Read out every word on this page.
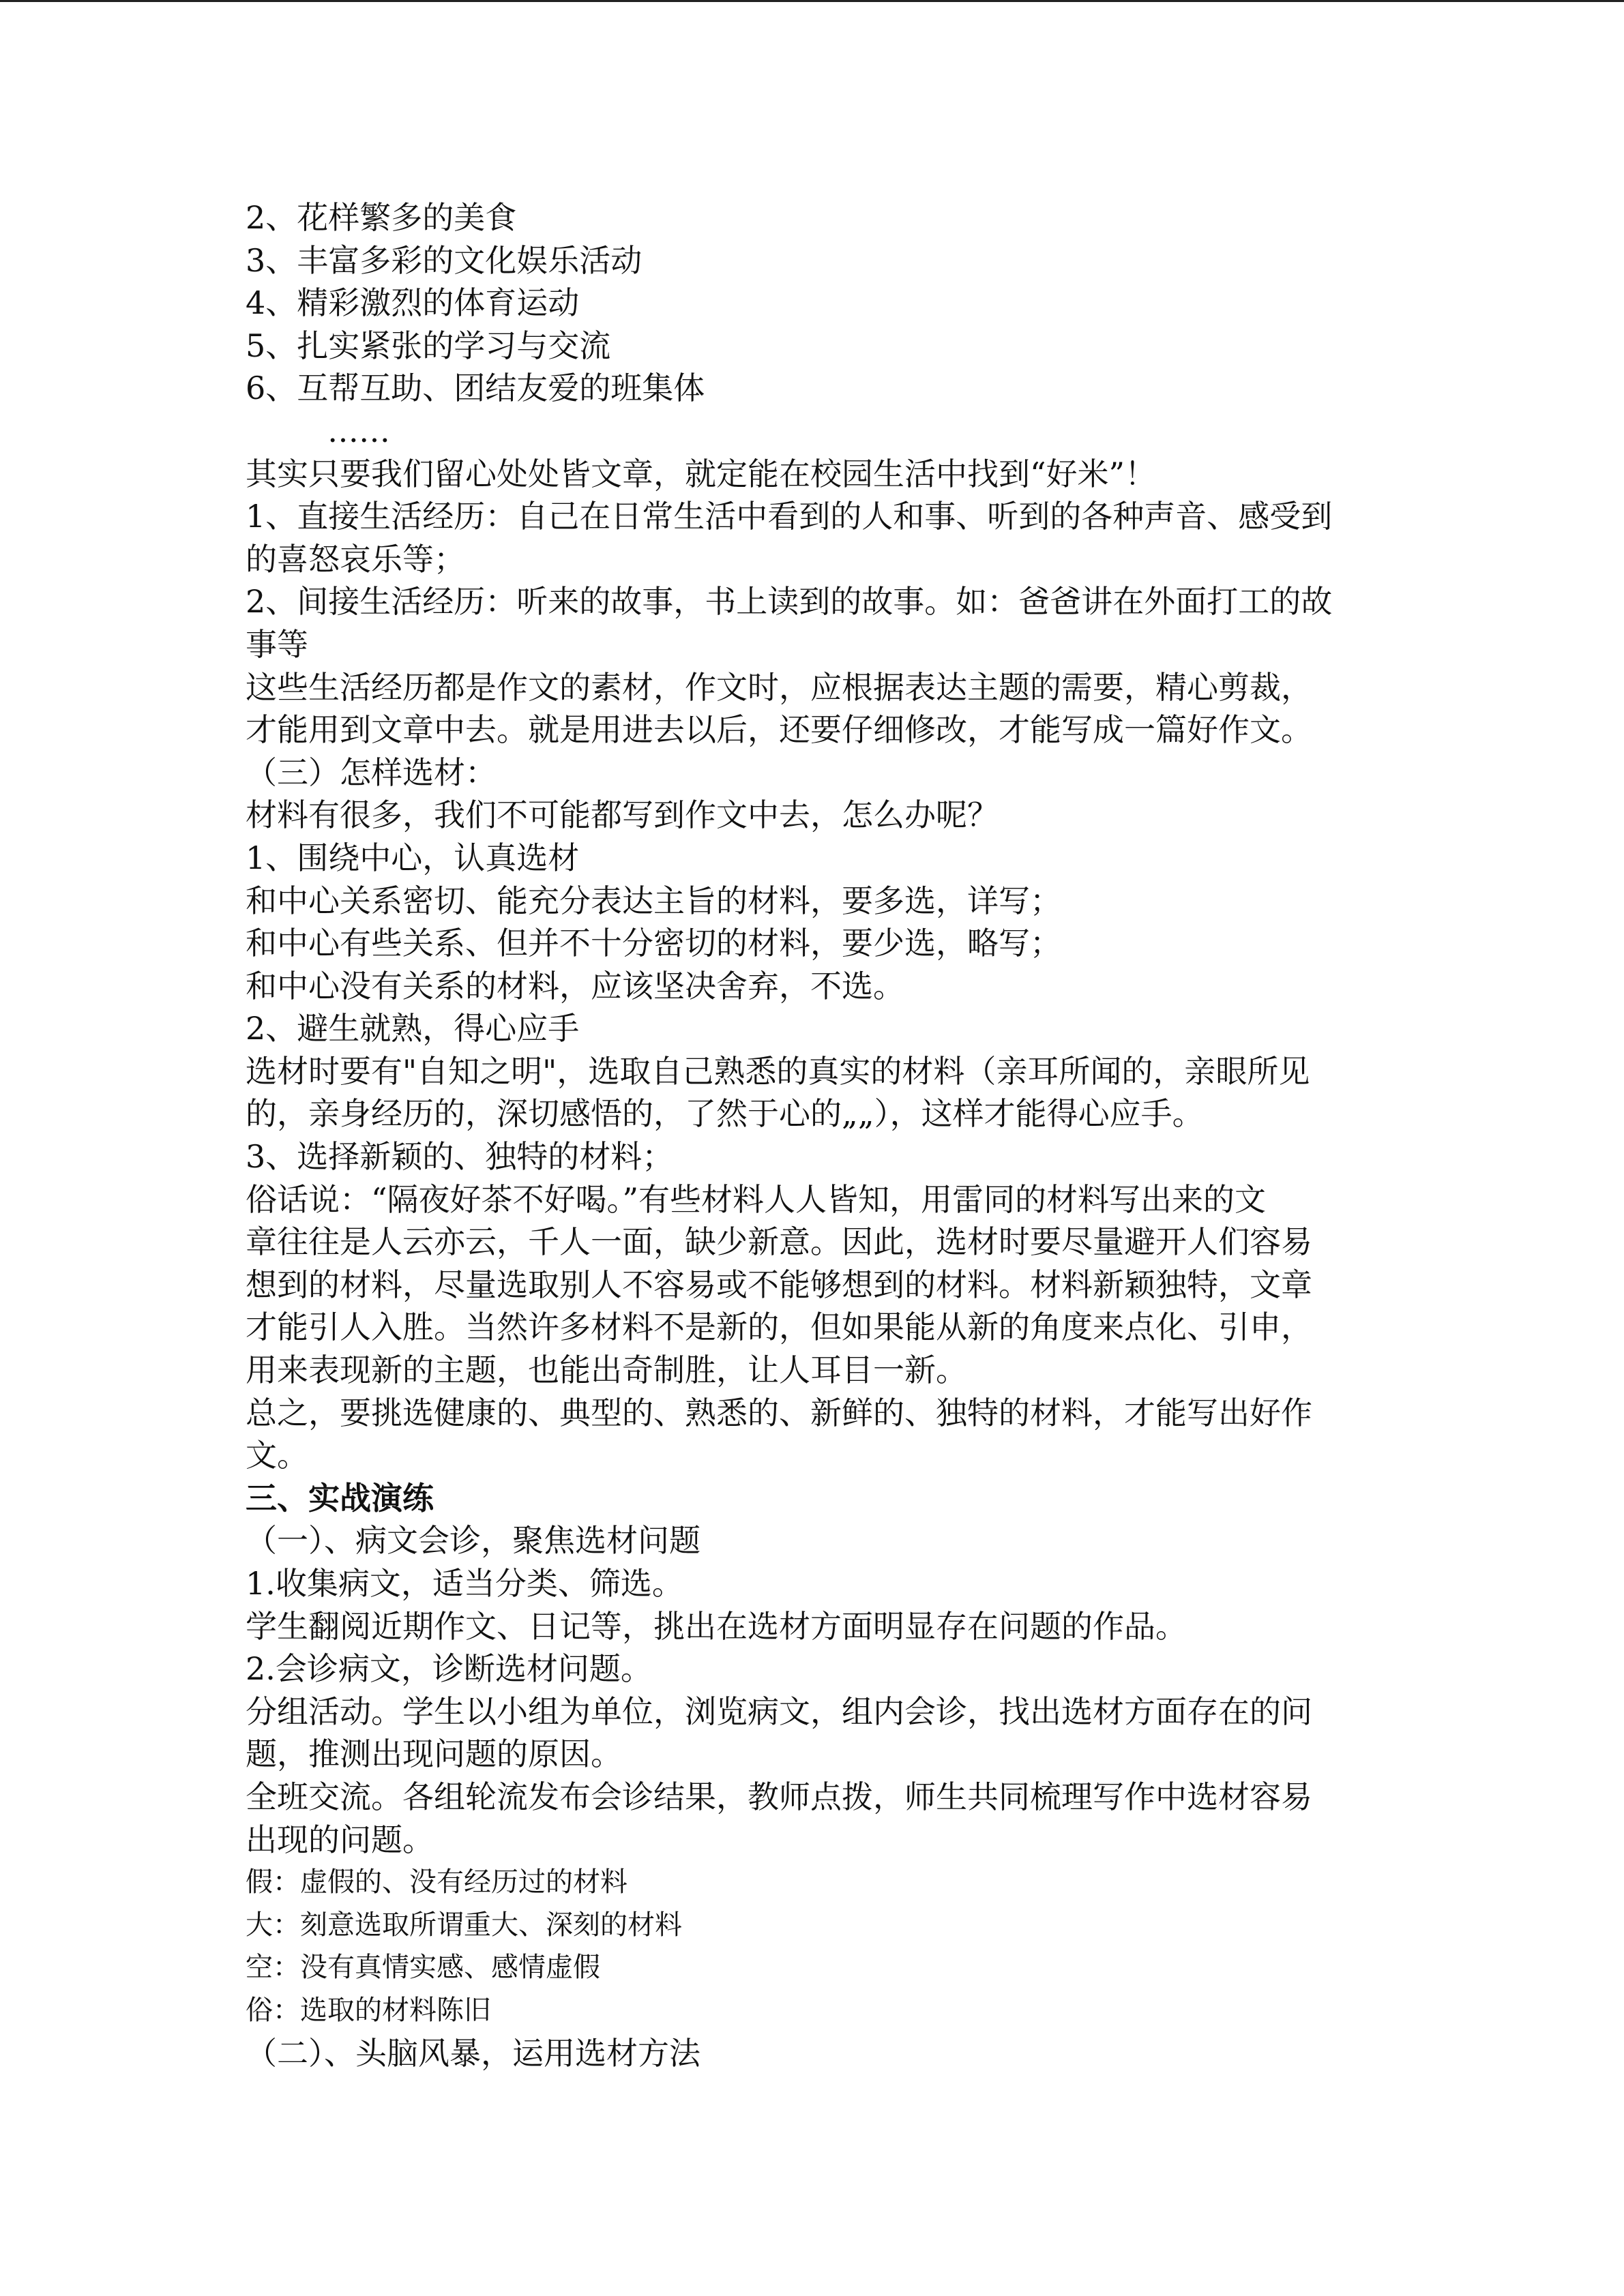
2、花样繁多的美食

3、丰富多彩的文化娱乐活动

4、精彩激烈的体育运动

5、扎实紧张的学习与交流

6、互帮互助、团结友爱的班集体

……

其实只要我们留心处处皆文章，就定能在校园生活中找到“好米”！

1、直接生活经历：自己在日常生活中看到的人和事、听到的各种声音、感受到

的喜怒哀乐等；

2、间接生活经历：听来的故事，书上读到的故事。如：爸爸讲在外面打工的故

事等

这些生活经历都是作文的素材，作文时，应根据表达主题的需要，精心剪裁，

才能用到文章中去。就是用进去以后，还要仔细修改，才能写成一篇好作文。

（三）怎样选材：

材料有很多，我们不可能都写到作文中去，怎么办呢？

1、围绕中心，认真选材

和中心关系密切、能充分表达主旨的材料，要多选，详写；

和中心有些关系、但并不十分密切的材料，要少选，略写；

和中心没有关系的材料，应该坚决舍弃，不选。

2、避生就熟，得心应手

选材时要有"自知之明"，选取自己熟悉的真实的材料（亲耳所闻的，亲眼所见

的，亲身经历的，深切感悟的，了然于心的„„），这样才能得心应手。

3、选择新颖的、独特的材料；

俗话说：“隔夜好茶不好喝。”有些材料人人皆知，用雷同的材料写出来的文

章往往是人云亦云，千人一面，缺少新意。因此，选材时要尽量避开人们容易

想到的材料，尽量选取别人不容易或不能够想到的材料。材料新颖独特，文章

才能引人入胜。当然许多材料不是新的，但如果能从新的角度来点化、引申，

用来表现新的主题，也能出奇制胜，让人耳目一新。

总之，要挑选健康的、典型的、熟悉的、新鲜的、独特的材料，才能写出好作

文。

三、实战演练

（一）、病文会诊，聚焦选材问题

1.收集病文，适当分类、筛选。

学生翻阅近期作文、日记等，挑出在选材方面明显存在问题的作品。

2.会诊病文，诊断选材问题。

分组活动。学生以小组为单位，浏览病文，组内会诊，找出选材方面存在的问

题，推测出现问题的原因。

全班交流。各组轮流发布会诊结果，教师点拨，师生共同梳理写作中选材容易

出现的问题。

假：虚假的、没有经历过的材料

大：刻意选取所谓重大、深刻的材料

空：没有真情实感、感情虚假

俗：选取的材料陈旧

（二）、头脑风暴，运用选材方法
